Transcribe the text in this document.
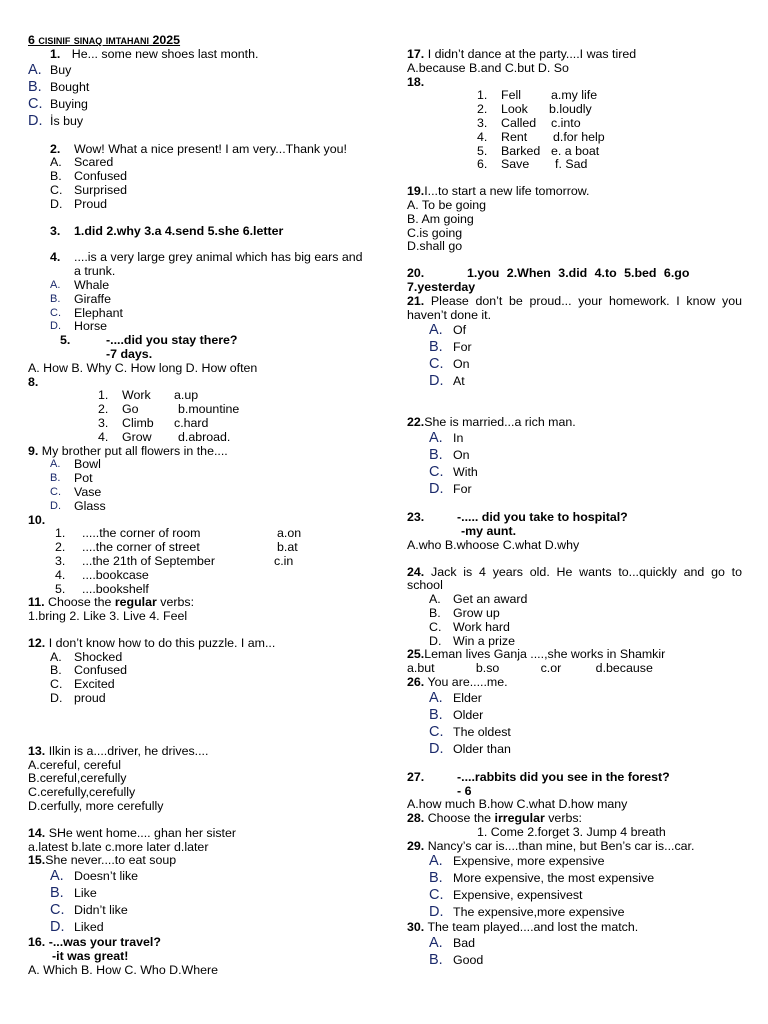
6 cısınıf sınaq ımtahanı 2025
1. He... some new shoes last month.
A. Buy
B. Bought
C. Buying
D. İs buy
2. Wow! What a nice present! I am very...Thank you!
A. Scared
B. Confused
C. Surprised
D. Proud
3. 1.did 2.why 3.a 4.send 5.she 6.letter
4.	....is a very large grey animal which has big ears and a trunk.
A.	Whale
B.	Giraffe
C.	Elephant
D.	Horse
5.	-....did you stay there?
-7 days.
A. How B. Why C. How long D. How often
8.
1.	Work	a.up
2.	Go	b.mountine
3.	Climb	c.hard
4.	Grow	d.abroad.
9. My brother put all flowers in the....
A.	Bowl
B.	Pot
C.	Vase
D.	Glass
10.
1.	.....the corner of room	a.on
2.	....the corner of street	b.at
3.	...the 21th of September	c.in
4.	....bookcase
5.	....bookshelf
11. Choose the regular verbs:
1.bring 2. Like 3. Live 4. Feel
12. I don’t know how to do this puzzle. I am...
A. Shocked
B. Confused
C. Excited
D. proud
13. Ilkin is a....driver, he drives....
A.cereful, cereful
B.cereful,cerefully
C.cerefully,cerefully
D.cerfully, more cerefully
14. SHe went home.... ghan her sister
a.latest b.late c.more later d.later
15.She never....to eat soup
A. Doesn’t like
B. Like
C. Didn’t like
D. Liked
16. -...was your travel?
-it was great!
A. Which B. How C. Who D.Where
17. I didn’t dance at the party....I was tired
A.because B.and C.but D. So
18.
1.	Fell	a.my life
2.	Look	b.loudly
3.	Called	c.into
4.	Rent	d.for help
5.	Barked e. a boat
6.	Save	f. Sad
19.I...to start a new life tomorrow.
A. To be going
B. Am going
C.is going
D.shall go
20.	1.you 2.When 3.did 4.to 5.bed 6.go
7.yesterday
21. Please don’t be proud... your homework. I know you haven’t done it.
A. Of
B. For
C. On
D. At
22.She is married...a rich man.
A. In
B. On
C. With
D. For
23.	-..... did you take to hospital?
-my aunt.
A.who B.whoose C.what D.why
24. Jack is 4 years old. He wants to...quickly and go to school
A. Get an award
B. Grow up
C. Work hard
D. Win a prize
25.Leman lives Ganja ....,she works in Shamkir
a.but            b.so            c.or          d.because
26. You are.....me.
A. Elder
B. Older
C. The oldest
D. Older than
27.	-....rabbits did you see in the forest?
- 6
A.how much B.how C.what D.how many
28. Choose the irregular verbs:
1. Come 2.forget 3. Jump 4 breath
29. Nancy’s car is....than mine, but Ben’s car is...car.
A. Expensive, more expensive
B. More expensive, the most expensive
C. Expensive, expensivest
D. The expensive,more expensive
30. The team played....and lost the match.
A. Bad
B. Good
